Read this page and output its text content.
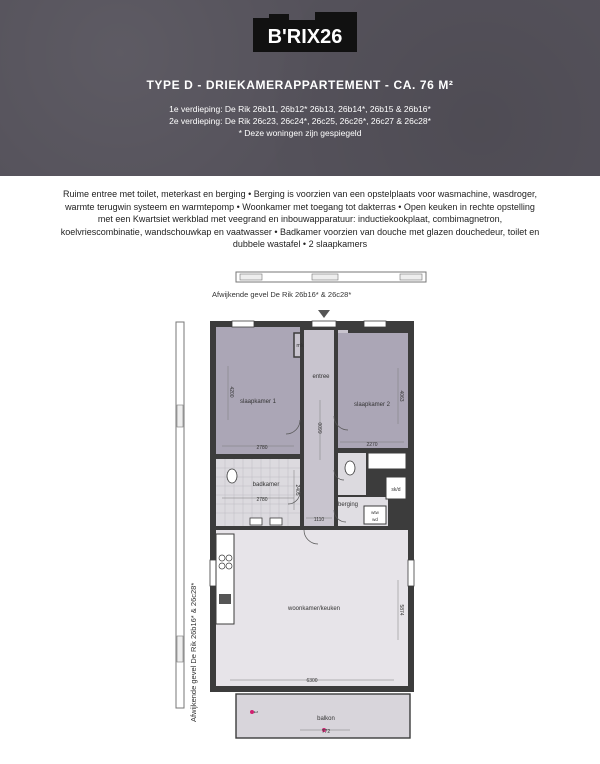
B'RIX26
TYPE D - DRIEKAMERAPPARTEMENT - CA. 76 M²
1e verdieping: De Rik 26b11, 26b12* 26b13, 26b14*, 26b15 & 26b16*
2e verdieping: De Rik 26c23, 26c24*, 26c25, 26c26*, 26c27 & 26c28*
* Deze woningen zijn gespiegeld
Ruime entree met toilet, meterkast en berging • Berging is voorzien van een opstelplaats voor wasmachine, wasdroger, warmte terugwin systeem en warmtepomp • Woonkamer met toegang tot dakterras • Open keuken in rechte opstelling met een Kwartsiet werkblad met veegrand en inbouwapparatuur: inductiekookplaat, combimagnetron, koelvriescombinatie, wandschouwkap en vaatwasser • Badkamer voorzien van douche met glazen douchedeur, toilet en dubbele wastafel • 2 slaapkamers
Afwijkende gevel De Rik 26b16* & 26c28*
Afwijkende gevel De Rik 26b16* & 26c28*
mk
entree
slaapkamer 1	slaapkamer 2
badkamer
berging
sk/d
wtw
wd
woonkamer/keuken
balkon
2780
4200
2270
4063
6600
2780
2405
1110
6300
5874
772
1
